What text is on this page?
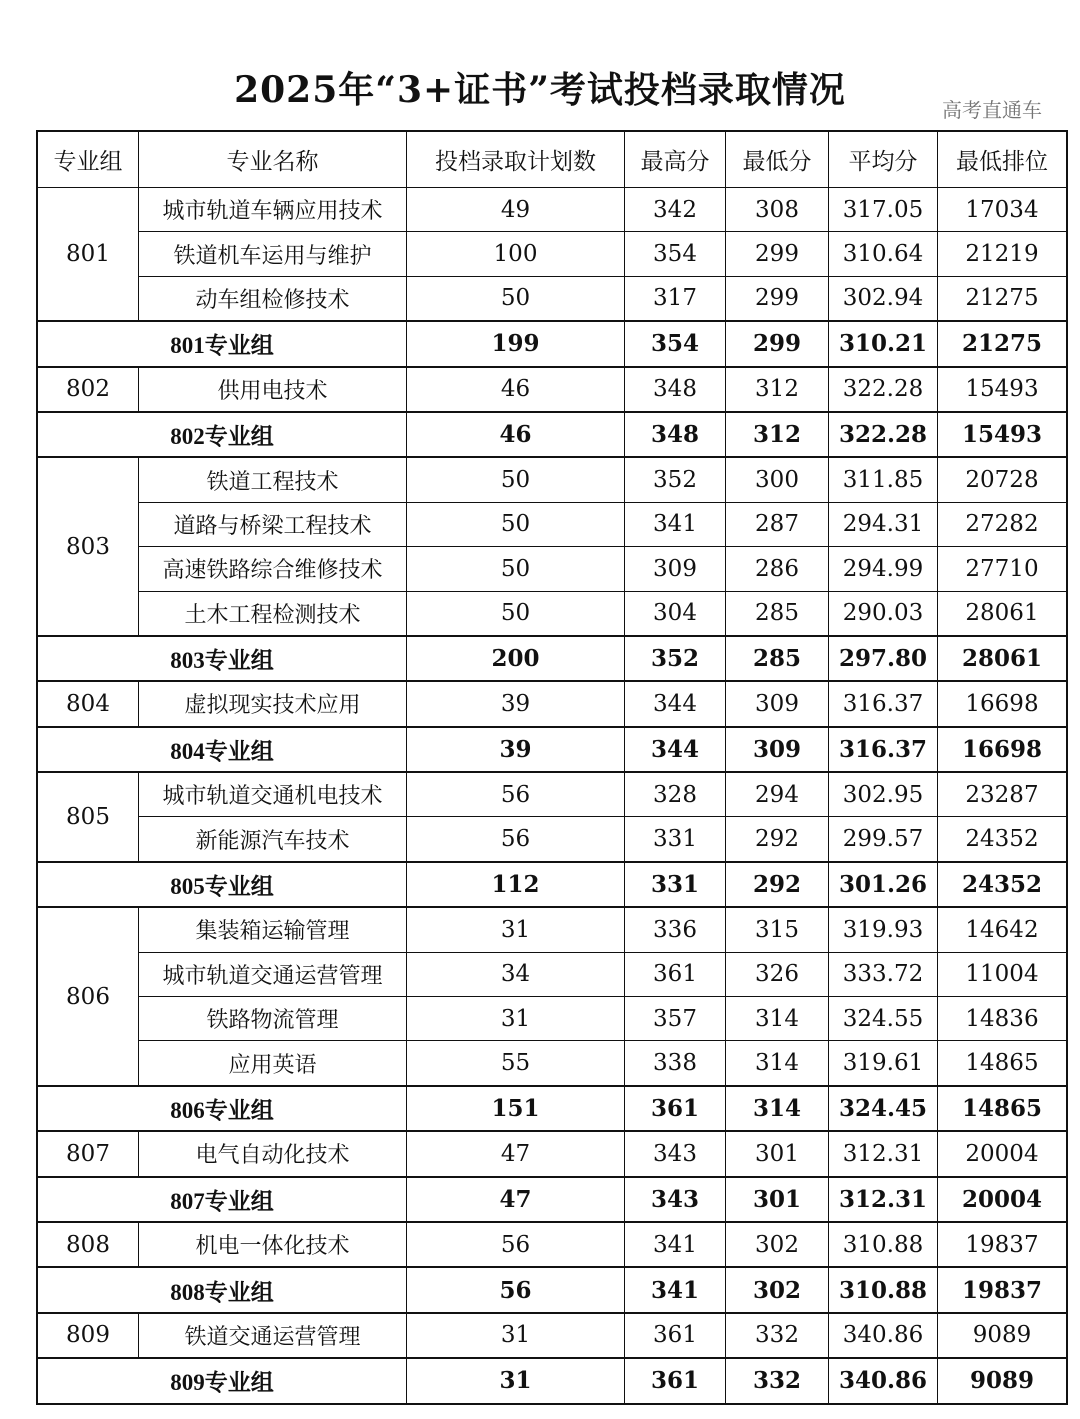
2025年“3+证书”考试投档录取情况	高考直通车
专业组	专业名称	投档录取计划数	最高分	最低分	平均分	最低排位
801	城市轨道车辆应用技术	49	342	308	317.05	17034
	铁道机车运用与维护	100	354	299	310.64	21219
	动车组检修技术	50	317	299	302.94	21275
801专业组		199	354	299	310.21	21275
802	供用电技术	46	348	312	322.28	15493
802专业组		46	348	312	322.28	15493
803	铁道工程技术	50	352	300	311.85	20728
	道路与桥梁工程技术	50	341	287	294.31	27282
	高速铁路综合维修技术	50	309	286	294.99	27710
	土木工程检测技术	50	304	285	290.03	28061
803专业组		200	352	285	297.80	28061
804	虚拟现实技术应用	39	344	309	316.37	16698
804专业组		39	344	309	316.37	16698
805	城市轨道交通机电技术	56	328	294	302.95	23287
	新能源汽车技术	56	331	292	299.57	24352
805专业组		112	331	292	301.26	24352
806	集装箱运输管理	31	336	315	319.93	14642
	城市轨道交通运营管理	34	361	326	333.72	11004
	铁路物流管理	31	357	314	324.55	14836
	应用英语	55	338	314	319.61	14865
806专业组		151	361	314	324.45	14865
807	电气自动化技术	47	343	301	312.31	20004
807专业组		47	343	301	312.31	20004
808	机电一体化技术	56	341	302	310.88	19837
808专业组		56	341	302	310.88	19837
809	铁道交通运营管理	31	361	332	340.86	9089
809专业组		31	361	332	340.86	9089
